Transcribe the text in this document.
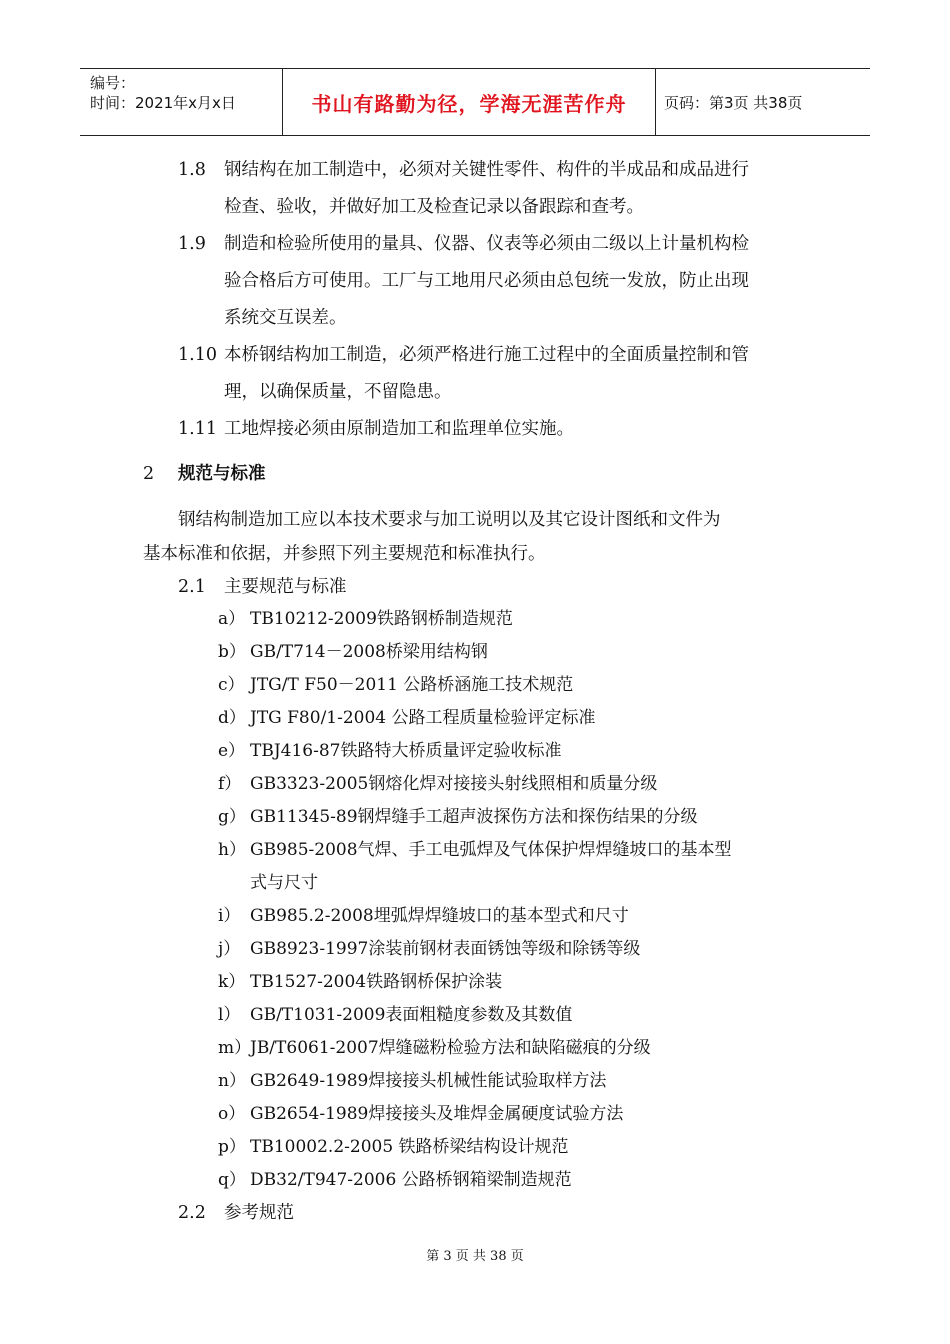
编号：
时间：2021年x月x日	书山有路勤为径，学海无涯苦作舟	页码：第3页 共38页
1.8 钢结构在加工制造中，必须对关键性零件、构件的半成品和成品进行
检查、验收，并做好加工及检查记录以备跟踪和查考。
1.9 制造和检验所使用的量具、仪器、仪表等必须由二级以上计量机构检
验合格后方可使用。工厂与工地用尺必须由总包统一发放，防止出现
系统交互误差。
1.10 本桥钢结构加工制造，必须严格进行施工过程中的全面质量控制和管
理，以确保质量，不留隐患。
1.11 工地焊接必须由原制造加工和监理单位实施。
2 规范与标准
钢结构制造加工应以本技术要求与加工说明以及其它设计图纸和文件为
基本标准和依据，并参照下列主要规范和标准执行。
2.1 主要规范与标准
a） TB10212-2009铁路钢桥制造规范
b） GB/T714－2008桥梁用结构钢
c） JTG/T F50－2011 公路桥涵施工技术规范
d） JTG F80/1-2004 公路工程质量检验评定标准
e） TBJ416-87铁路特大桥质量评定验收标准
f） GB3323-2005钢熔化焊对接接头射线照相和质量分级
g） GB11345-89钢焊缝手工超声波探伤方法和探伤结果的分级
h） GB985-2008气焊、手工电弧焊及气体保护焊焊缝坡口的基本型
式与尺寸
i） GB985.2-2008埋弧焊焊缝坡口的基本型式和尺寸
j） GB8923-1997涂装前钢材表面锈蚀等级和除锈等级
k） TB1527-2004铁路钢桥保护涂装
l） GB/T1031-2009表面粗糙度参数及其数值
m）JB/T6061-2007焊缝磁粉检验方法和缺陷磁痕的分级
n） GB2649-1989焊接接头机械性能试验取样方法
o） GB2654-1989焊接接头及堆焊金属硬度试验方法
p） TB10002.2-2005 铁路桥梁结构设计规范
q） DB32/T947-2006 公路桥钢箱梁制造规范
2.2 参考规范
第 3 页 共 38 页
